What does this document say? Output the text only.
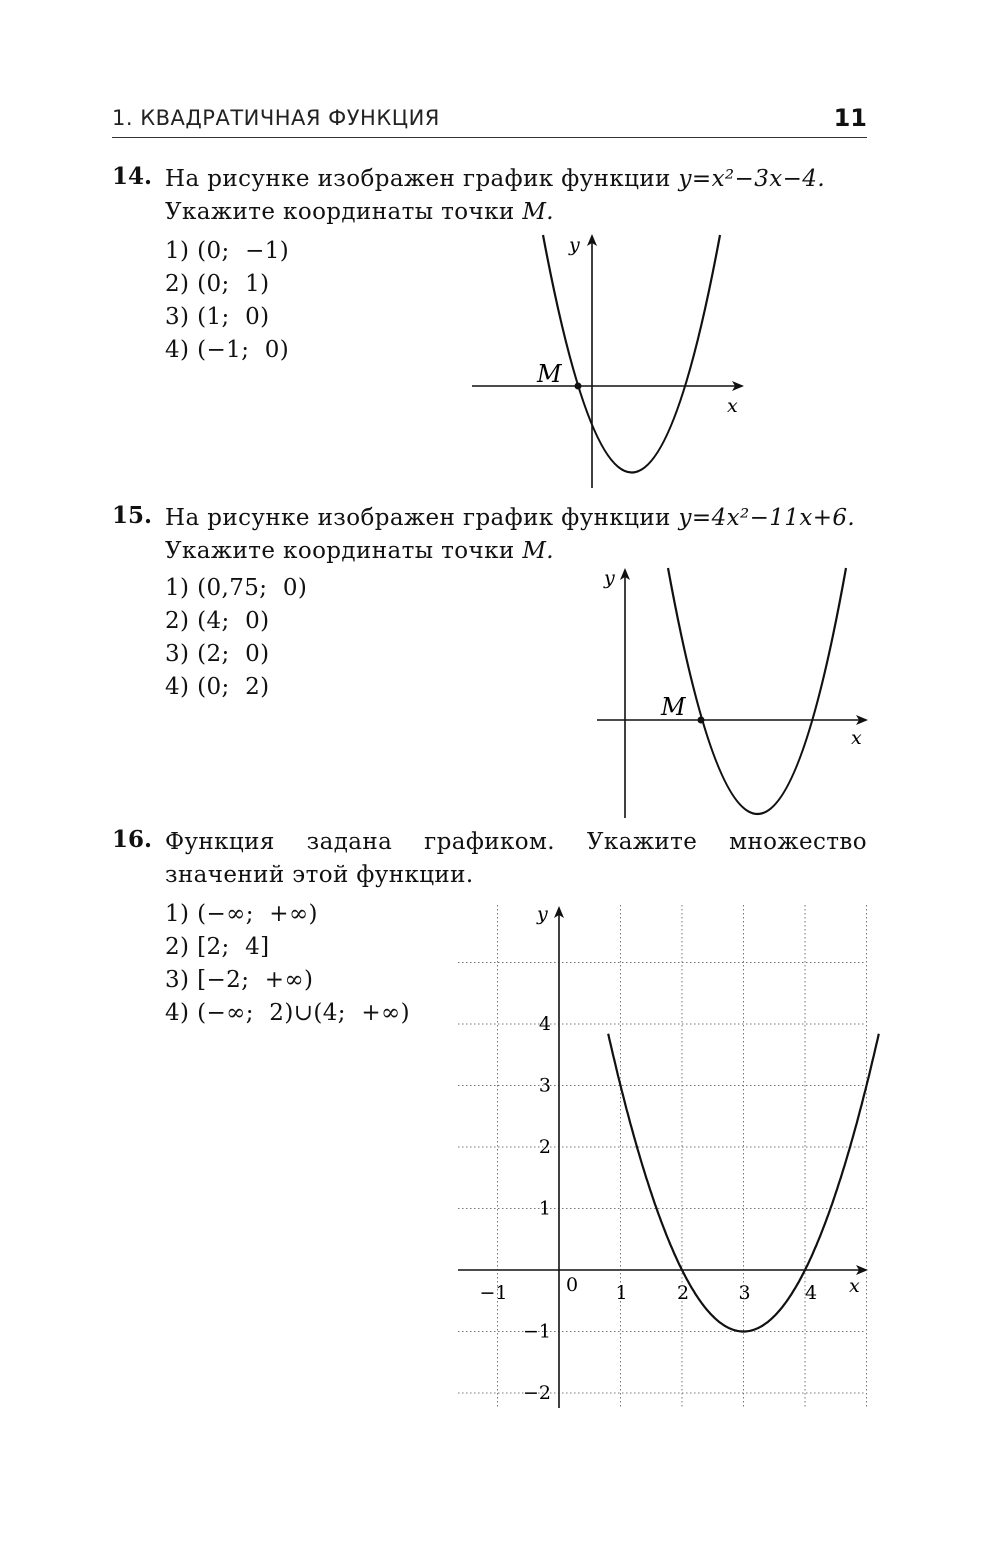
1. КВАДРАТИЧНАЯ ФУНКЦИЯ	11
14. На рисунке изображен график функции y=x²−3x−4.
Укажите координаты точки M.
1) (0;  −1)
2) (0;  1)
3) (1;  0)
4) (−1;  0)
y
x
M
15. На рисунке изображен график функции y=4x²−11x+6.
Укажите координаты точки M.
1) (0,75;  0)
2) (4;  0)
3) (2;  0)
4) (0;  2)
y
x
M
16. Функция задана графиком. Укажите множество
значений этой функции.
1) (−∞;  +∞)
2) [2;  4]
3) [−2;  +∞)
4) (−∞;  2)∪(4;  +∞)
−1	1	2	3	4
4
3
2
1
−1
−2
y
x
0
